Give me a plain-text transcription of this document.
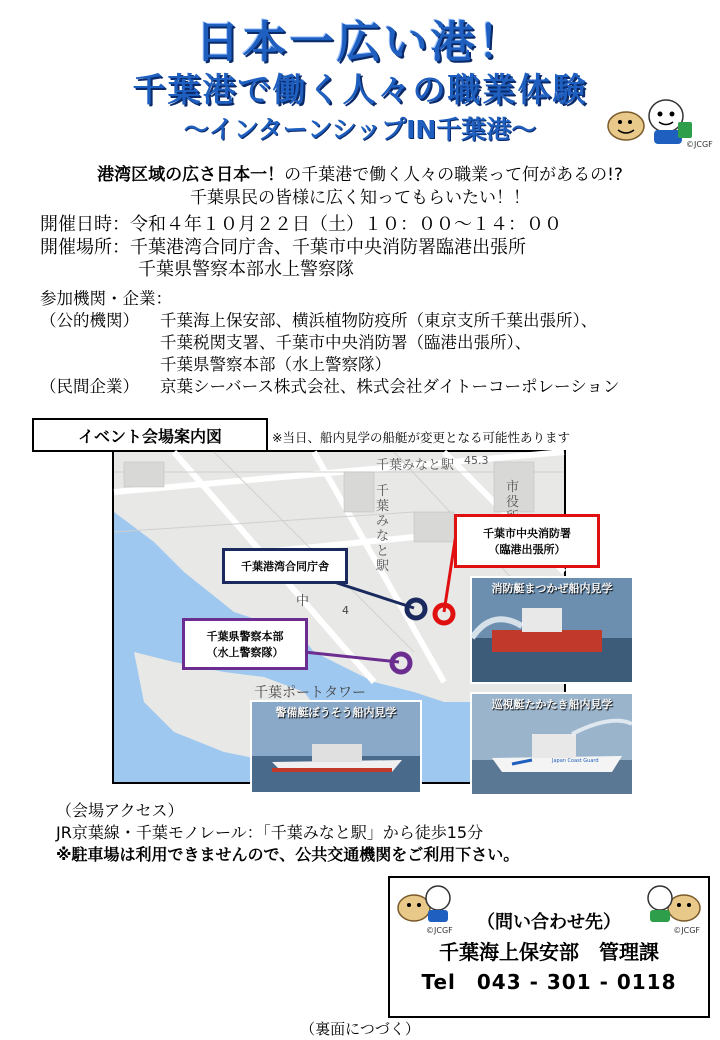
日本一広い港！
千葉港で働く人々の職業体験
～インターンシップIN千葉港～
©JCGF
港湾区域の広さ日本一！の千葉港で働く人々の職業って何があるの!?
千葉県民の皆様に広く知ってもらいたい！！
開催日時：令和４年１０月２２日（土）１０：００～１４：００
開催場所：千葉港湾合同庁舎、千葉市中央消防署臨港出張所
千葉県警察本部水上警察隊
参加機関・企業：
（公的機関） 千葉海上保安部、横浜植物防疫所（東京支所千葉出張所）、
千葉税関支署、千葉市中央消防署（臨港出張所）、
千葉県警察本部（水上警察隊）
（民間企業） 京葉シーバース株式会社、株式会社ダイトーコーポレーション
イベント会場案内図	※当日、船内見学の船艇が変更となる可能性あります
千葉みなと駅 45.3
千葉みなと駅
市役
中
4
千葉ポートタワー
千葉港湾合同庁舎
千葉市中央消防署
（臨港出張所）
千葉県警察本部
（水上警察隊）
消防艇まつかぜ船内見学
警備艇ぼうそう船内見学
巡視艇たかたき船内見学
Japan Coast Guard
（会場アクセス）
JR京葉線・千葉モノレール：「千葉みなと駅」から徒歩15分
※駐車場は利用できませんので、公共交通機関をご利用下さい。
©JCGF	©JCGF
（問い合わせ先）
千葉海上保安部　管理課
Tel　043 - 301 - 0118
（裏面につづく）
